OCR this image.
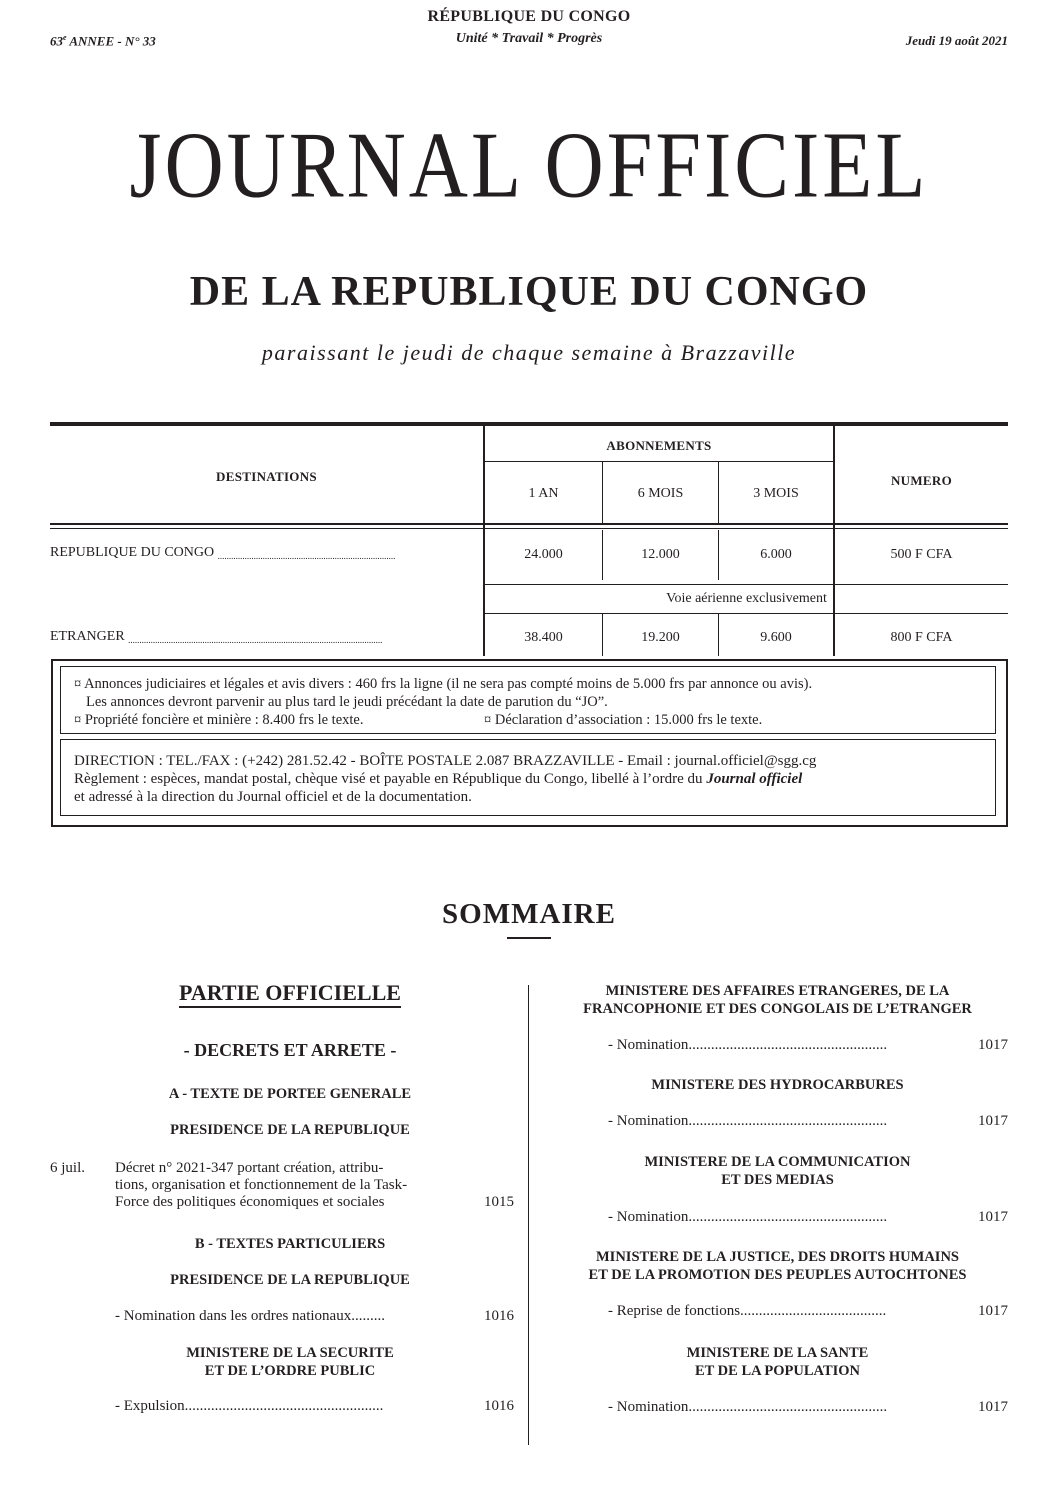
RÉPUBLIQUE DU CONGO
Unité * Travail * Progrès
63e ANNEE - N° 33	Jeudi 19 août 2021
JOURNAL OFFICIEL
DE LA REPUBLIQUE DU CONGO
paraissant le jeudi de chaque semaine à Brazzaville
DESTINATIONS
ABONNEMENTS
NUMERO
1 AN	6 MOIS	3 MOIS
REPUBLIQUE DU CONGO ...............................................................................	24.000	12.000	6.000	500 F CFA
Voie aérienne exclusivement
ETRANGER .................................................................................................................	38.400	19.200	9.600	800 F CFA
¤ Annonces judiciaires et légales et avis divers : 460 frs la ligne (il ne sera pas compté moins de 5.000 frs par annonce ou avis).
Les annonces devront parvenir au plus tard le jeudi précédant la date de parution du “JO”.
¤ Propriété foncière et minière : 8.400 frs le texte.	¤ Déclaration d’association : 15.000 frs le texte.
DIRECTION : TEL./FAX : (+242) 281.52.42 - BOÎTE POSTALE 2.087 BRAZZAVILLE - Email : journal.officiel@sgg.cg
Règlement : espèces, mandat postal, chèque visé et payable en République du Congo, libellé à l’ordre du Journal officiel
et adressé à la direction du Journal officiel et de la documentation.
SOMMAIRE
PARTIE OFFICIELLE
- DECRETS ET ARRETE -
A - TEXTE DE PORTEE GENERALE
PRESIDENCE DE LA REPUBLIQUE
6 juil. Décret n° 2021-347 portant création, attribu-
tions, organisation et fonctionnement de la Task-
Force des politiques économiques et sociales	1015
B - TEXTES PARTICULIERS
PRESIDENCE DE LA REPUBLIQUE
- Nomination dans les ordres nationaux.........	1016
MINISTERE DE LA SECURITE
ET DE L’ORDRE PUBLIC
- Expulsion.....................................................	1016
MINISTERE DES AFFAIRES ETRANGERES, DE LA
FRANCOPHONIE ET DES CONGOLAIS DE L’ETRANGER
- Nomination.....................................................	1017
MINISTERE DES HYDROCARBURES
- Nomination.....................................................	1017
MINISTERE DE LA COMMUNICATION
ET DES MEDIAS
- Nomination.....................................................	1017
MINISTERE DE LA JUSTICE, DES DROITS HUMAINS
ET DE LA PROMOTION DES PEUPLES AUTOCHTONES
- Reprise de fonctions.......................................	1017
MINISTERE DE LA SANTE
ET DE LA POPULATION
- Nomination.....................................................	1017
